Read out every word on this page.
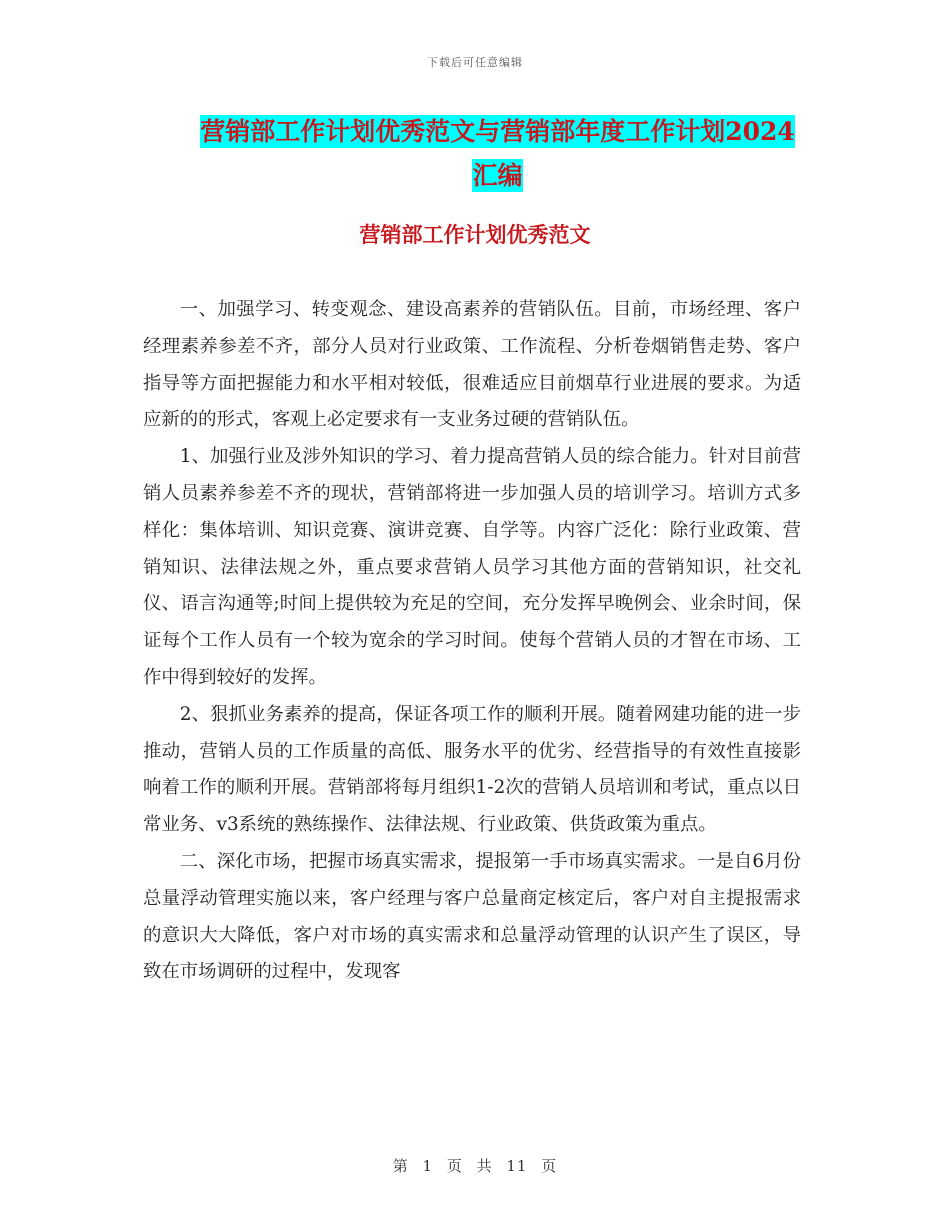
下载后可任意编辑
营销部工作计划优秀范文与营销部年度工作计划2024汇编
营销部工作计划优秀范文

一、加强学习、转变观念、建设高素养的营销队伍。目前，市场经理、客户经理素养参差不齐，部分人员对行业政策、工作流程、分析卷烟销售走势、客户指导等方面把握能力和水平相对较低，很难适应目前烟草行业进展的要求。为适应新的的形式，客观上必定要求有一支业务过硬的营销队伍。

1、加强行业及涉外知识的学习、着力提高营销人员的综合能力。针对目前营销人员素养参差不齐的现状，营销部将进一步加强人员的培训学习。培训方式多样化：集体培训、知识竞赛、演讲竞赛、自学等。内容广泛化：除行业政策、营销知识、法律法规之外，重点要求营销人员学习其他方面的营销知识，社交礼仪、语言沟通等;时间上提供较为充足的空间，充分发挥早晚例会、业余时间，保证每个工作人员有一个较为宽余的学习时间。使每个营销人员的才智在市场、工作中得到较好的发挥。

2、狠抓业务素养的提高，保证各项工作的顺利开展。随着网建功能的进一步推动，营销人员的工作质量的高低、服务水平的优劣、经营指导的有效性直接影响着工作的顺利开展。营销部将每月组织1-2次的营销人员培训和考试，重点以日常业务、v3系统的熟练操作、法律法规、行业政策、供货政策为重点。

二、深化市场，把握市场真实需求，提报第一手市场真实需求。一是自6月份总量浮动管理实施以来，客户经理与客户总量商定核定后，客户对自主提报需求的意识大大降低，客户对市场的真实需求和总量浮动管理的认识产生了误区，导致在市场调研的过程中，发现客

第 1 页 共 11 页
